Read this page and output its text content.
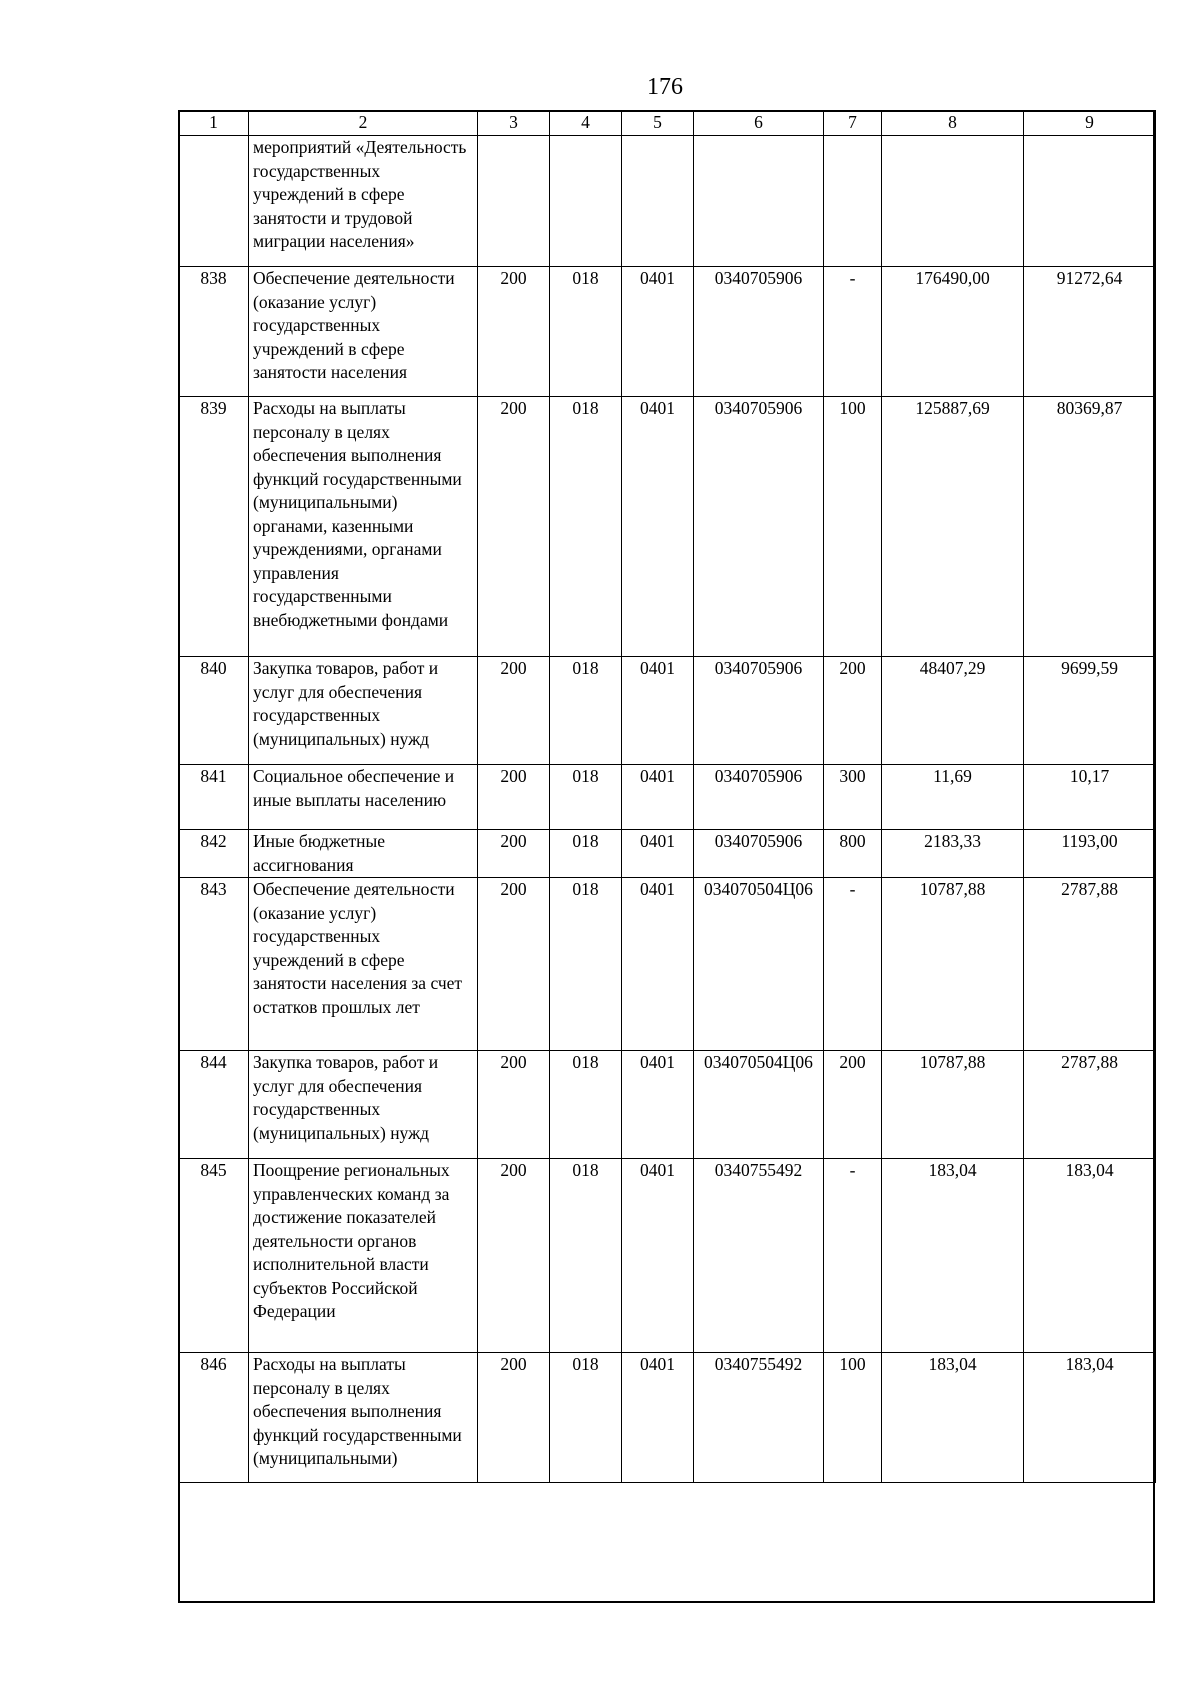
176
1	2	3	4	5	6	7	8	9
	мероприятий «Деятельность государственных учреждений в сфере занятости и трудовой миграции населения»							
838	Обеспечение деятельности (оказание услуг) государственных учреждений в сфере занятости населения	200	018	0401	0340705906	-	176490,00	91272,64
839	Расходы на выплаты персоналу в целях обеспечения выполнения функций государственными (муниципальными) органами, казенными учреждениями, органами управления государственными внебюджетными фондами	200	018	0401	0340705906	100	125887,69	80369,87
840	Закупка товаров, работ и услуг для обеспечения государственных (муниципальных) нужд	200	018	0401	0340705906	200	48407,29	9699,59
841	Социальное обеспечение и иные выплаты населению	200	018	0401	0340705906	300	11,69	10,17
842	Иные бюджетные ассигнования	200	018	0401	0340705906	800	2183,33	1193,00
843	Обеспечение деятельности (оказание услуг) государственных учреждений в сфере занятости населения за счет остатков прошлых лет	200	018	0401	034070504Ц06	-	10787,88	2787,88
844	Закупка товаров, работ и услуг для обеспечения государственных (муниципальных) нужд	200	018	0401	034070504Ц06	200	10787,88	2787,88
845	Поощрение региональных управленческих команд за достижение показателей деятельности органов исполнительной власти субъектов Российской Федерации	200	018	0401	0340755492	-	183,04	183,04
846	Расходы на выплаты персоналу в целях обеспечения выполнения функций государственными (муниципальными)	200	018	0401	0340755492	100	183,04	183,04
